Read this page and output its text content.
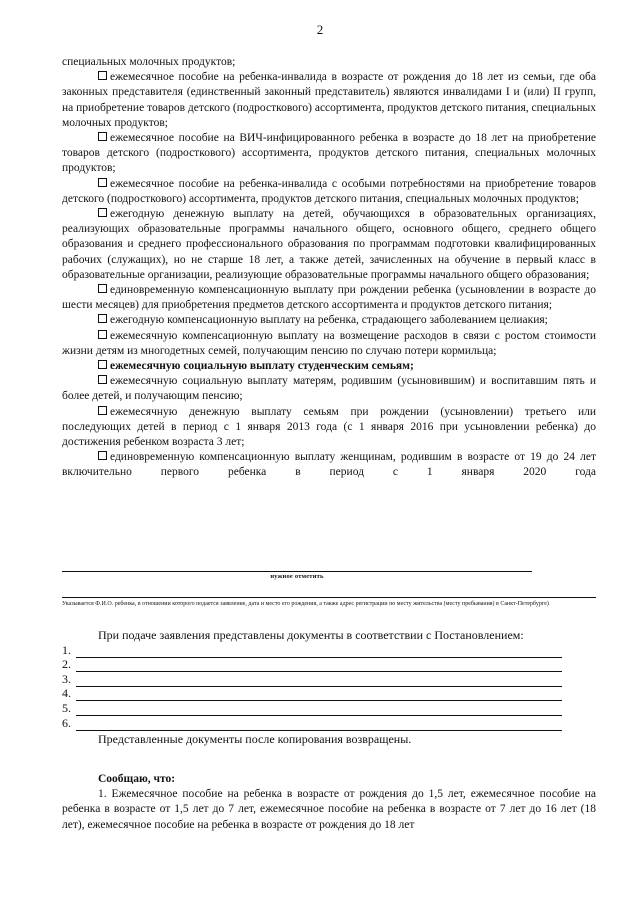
2
специальных молочных продуктов;
ежемесячное пособие на ребенка-инвалида в возрасте от рождения до 18 лет из семьи, где оба законных представителя (единственный законный представитель) являются инвалидами I и (или) II групп, на приобретение товаров детского (подросткового) ассортимента, продуктов детского питания, специальных молочных продуктов;
ежемесячное пособие на ВИЧ-инфицированного ребенка в возрасте до 18 лет на приобретение товаров детского (подросткового) ассортимента, продуктов детского питания, специальных молочных продуктов;
ежемесячное пособие на ребенка-инвалида с особыми потребностями на приобретение товаров детского (подросткового) ассортимента, продуктов детского питания, специальных молочных продуктов;
ежегодную денежную выплату на детей, обучающихся в образовательных организациях, реализующих образовательные программы начального общего, основного общего, среднего общего образования и среднего профессионального образования по программам подготовки квалифицированных рабочих (служащих), но не старше 18 лет, а также детей, зачисленных на обучение в первый класс в образовательные организации, реализующие образовательные программы начального общего образования;
единовременную компенсационную выплату при рождении ребенка (усыновлении в возрасте до шести месяцев) для приобретения предметов детского ассортимента и продуктов детского питания;
ежегодную компенсационную выплату на ребенка, страдающего заболеванием целиакия;
ежемесячную компенсационную выплату на возмещение расходов в связи с ростом стоимости жизни детям из многодетных семей, получающим пенсию по случаю потери кормильца;
ежемесячную социальную выплату студенческим семьям;
ежемесячную социальную выплату матерям, родившим (усыновившим) и воспитавшим пять и более детей, и получающим пенсию;
ежемесячную денежную выплату семьям при рождении (усыновлении) третьего или последующих детей в период с 1 января 2013 года (с 1 января 2016 при усыновлении ребенка) до достижения ребенком возраста 3 лет;
единовременную компенсационную выплату женщинам, родившим в возрасте от 19 до 24 лет включительно первого ребенка в период с 1 января 2020 года
нужное отметить
Указывается Ф.И.О. ребенка, в отношении которого подается заявление, дата и место его рождения, а также адрес регистрации по месту жительства (месту пребывания) в Санкт-Петербурге)
При подаче заявления представлены документы в соответствии с Постановлением:
1.
2.
3.
4.
5.
6.
Представленные документы после копирования возвращены.
Сообщаю, что:
1. Ежемесячное пособие на ребенка в возрасте от рождения до 1,5 лет, ежемесячное пособие на ребенка в возрасте от 1,5 лет до 7 лет, ежемесячное пособие на ребенка в возрасте от 7 лет до 16 лет (18 лет), ежемесячное пособие на ребенка в возрасте от рождения до 18 лет
